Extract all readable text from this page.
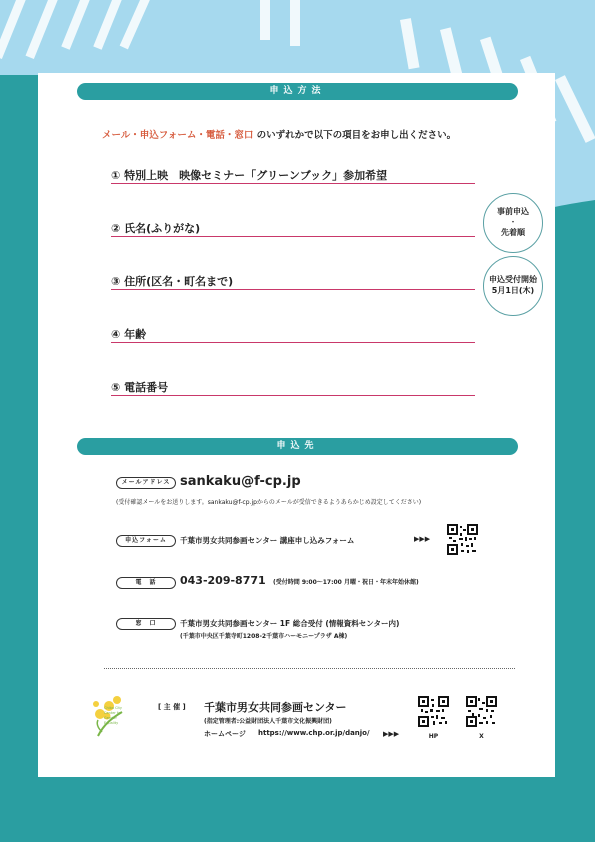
申込方法
メール・申込フォーム・電話・窓口 のいずれかで以下の項目をお申し出ください。
① 特別上映　映像セミナー「グリーンブック」参加希望
② 氏名(ふりがな)
③ 住所(区名・町名まで)
④ 年齢
⑤ 電話番号
事前申込
・
先着順
申込受付開始
5月1日(木)
申込先
メールアドレス sankaku@f-cp.jp
(受付確認メールをお送りします。sankaku@f-cp.jpからのメールが受信できるようあらかじめ設定してください)
申込フォーム	千葉市男女共同参画センター 講座申し込みフォーム	▶▶▶
電　話	043-209-8771 (受付時間 9:00～17:00 月曜・祝日・年末年始休館)
窓　口	千葉市男女共同参画センター 1F 総合受付 (情報資料センター内)
(千葉市中央区千葉寺町1208-2千葉市ハーモニープラザ A棟)
Chiba City
Center for
Gender
Equality
[ 主 催 ] 千葉市男女共同参画センター
(指定管理者:公益財団法人千葉市文化振興財団)
ホームページ https://www.chp.or.jp/danjo/ ▶▶▶	HP	X
